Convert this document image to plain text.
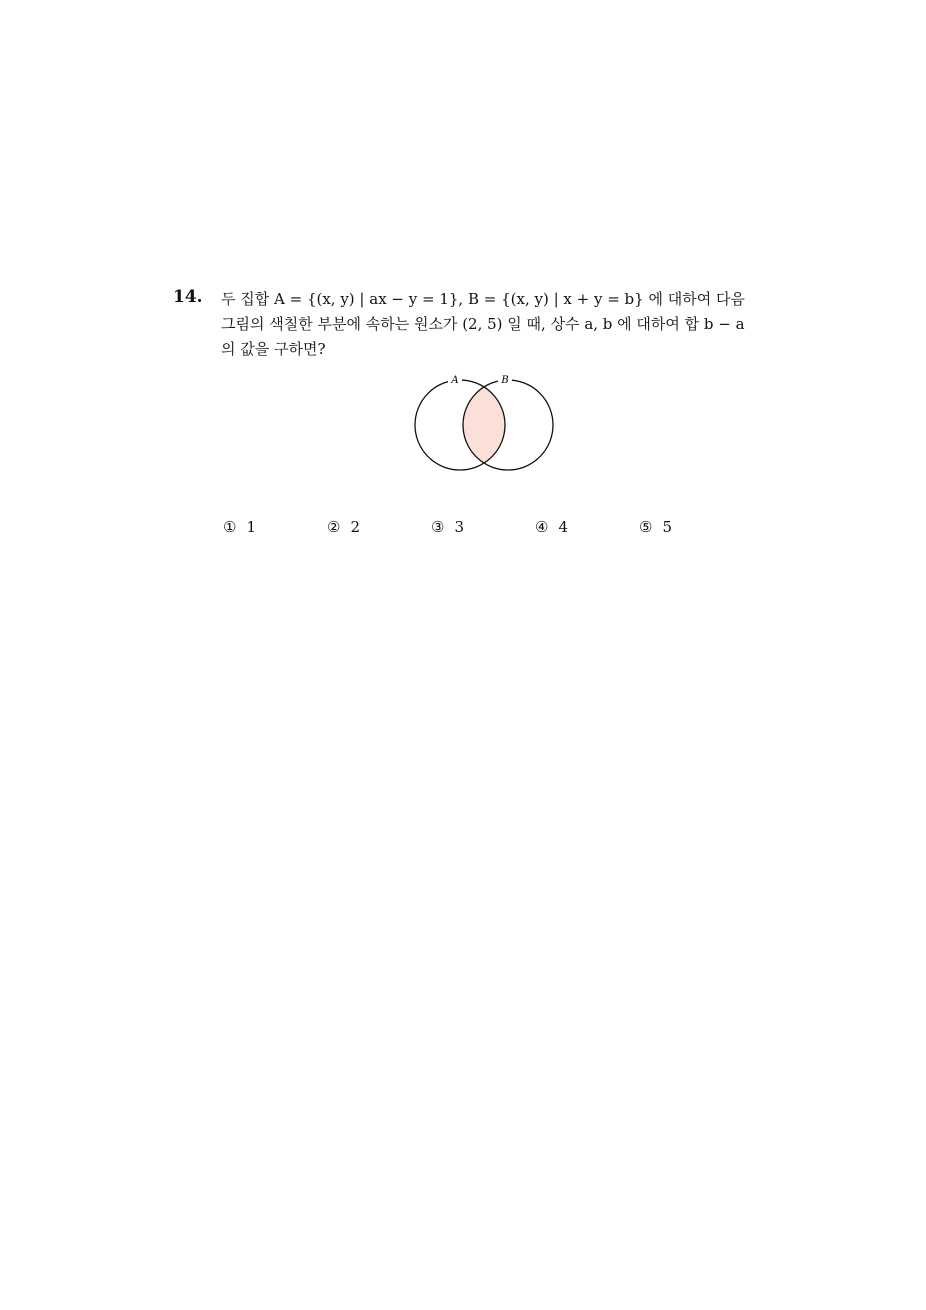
14. 두 집합 A = {(x, y) | ax − y = 1}, B = {(x, y) | x + y = b} 에 대하여 다음
그림의 색칠한 부분에 속하는 원소가 (2, 5) 일 때, 상수 a, b 에 대하여 합 b − a
의 값을 구하면?
A	B
① 1	② 2	③ 3	④ 4	⑤ 5
